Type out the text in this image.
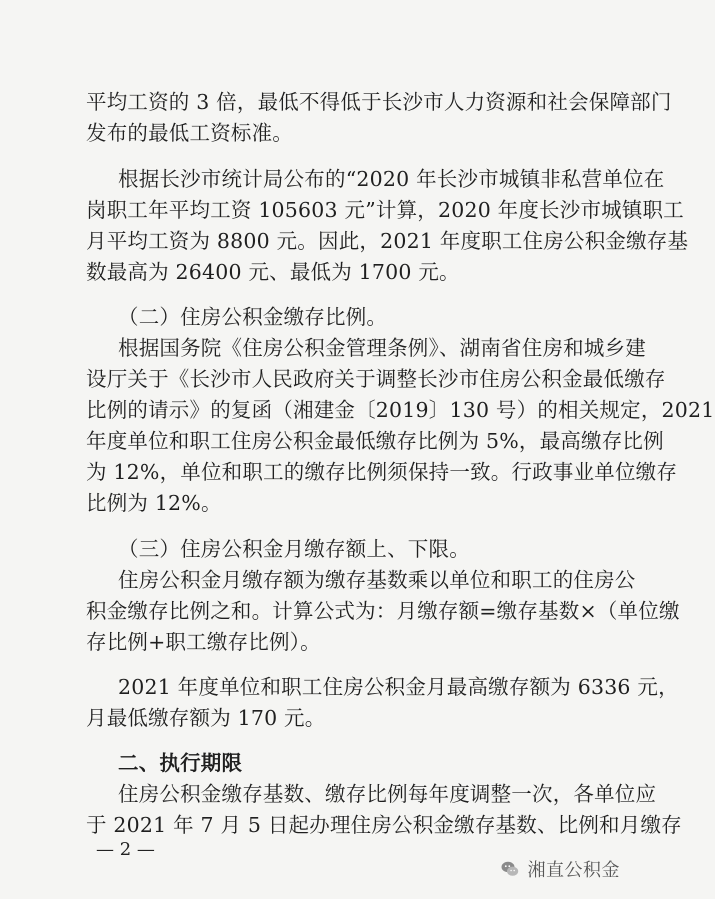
平均工资的 3 倍，最低不得低于长沙市人力资源和社会保障部门
发布的最低工资标准。
根据长沙市统计局公布的“2020 年长沙市城镇非私营单位在
岗职工年平均工资 105603 元”计算，2020 年度长沙市城镇职工
月平均工资为 8800 元。因此，2021 年度职工住房公积金缴存基
数最高为 26400 元、最低为 1700 元。
（二）住房公积金缴存比例。
根据国务院《住房公积金管理条例》、湖南省住房和城乡建
设厅关于《长沙市人民政府关于调整长沙市住房公积金最低缴存
比例的请示》的复函（湘建金〔2019〕130 号）的相关规定，2021
年度单位和职工住房公积金最低缴存比例为 5%，最高缴存比例
为 12%，单位和职工的缴存比例须保持一致。行政事业单位缴存
比例为 12%。
（三）住房公积金月缴存额上、下限。
住房公积金月缴存额为缴存基数乘以单位和职工的住房公
积金缴存比例之和。计算公式为：月缴存额=缴存基数×（单位缴
存比例+职工缴存比例）。
2021 年度单位和职工住房公积金月最高缴存额为 6336 元，
月最低缴存额为 170 元。
二、执行期限
住房公积金缴存基数、缴存比例每年度调整一次，各单位应
于 2021 年 7 月 5 日起办理住房公积金缴存基数、比例和月缴存
— 2 —
湘直公积金
